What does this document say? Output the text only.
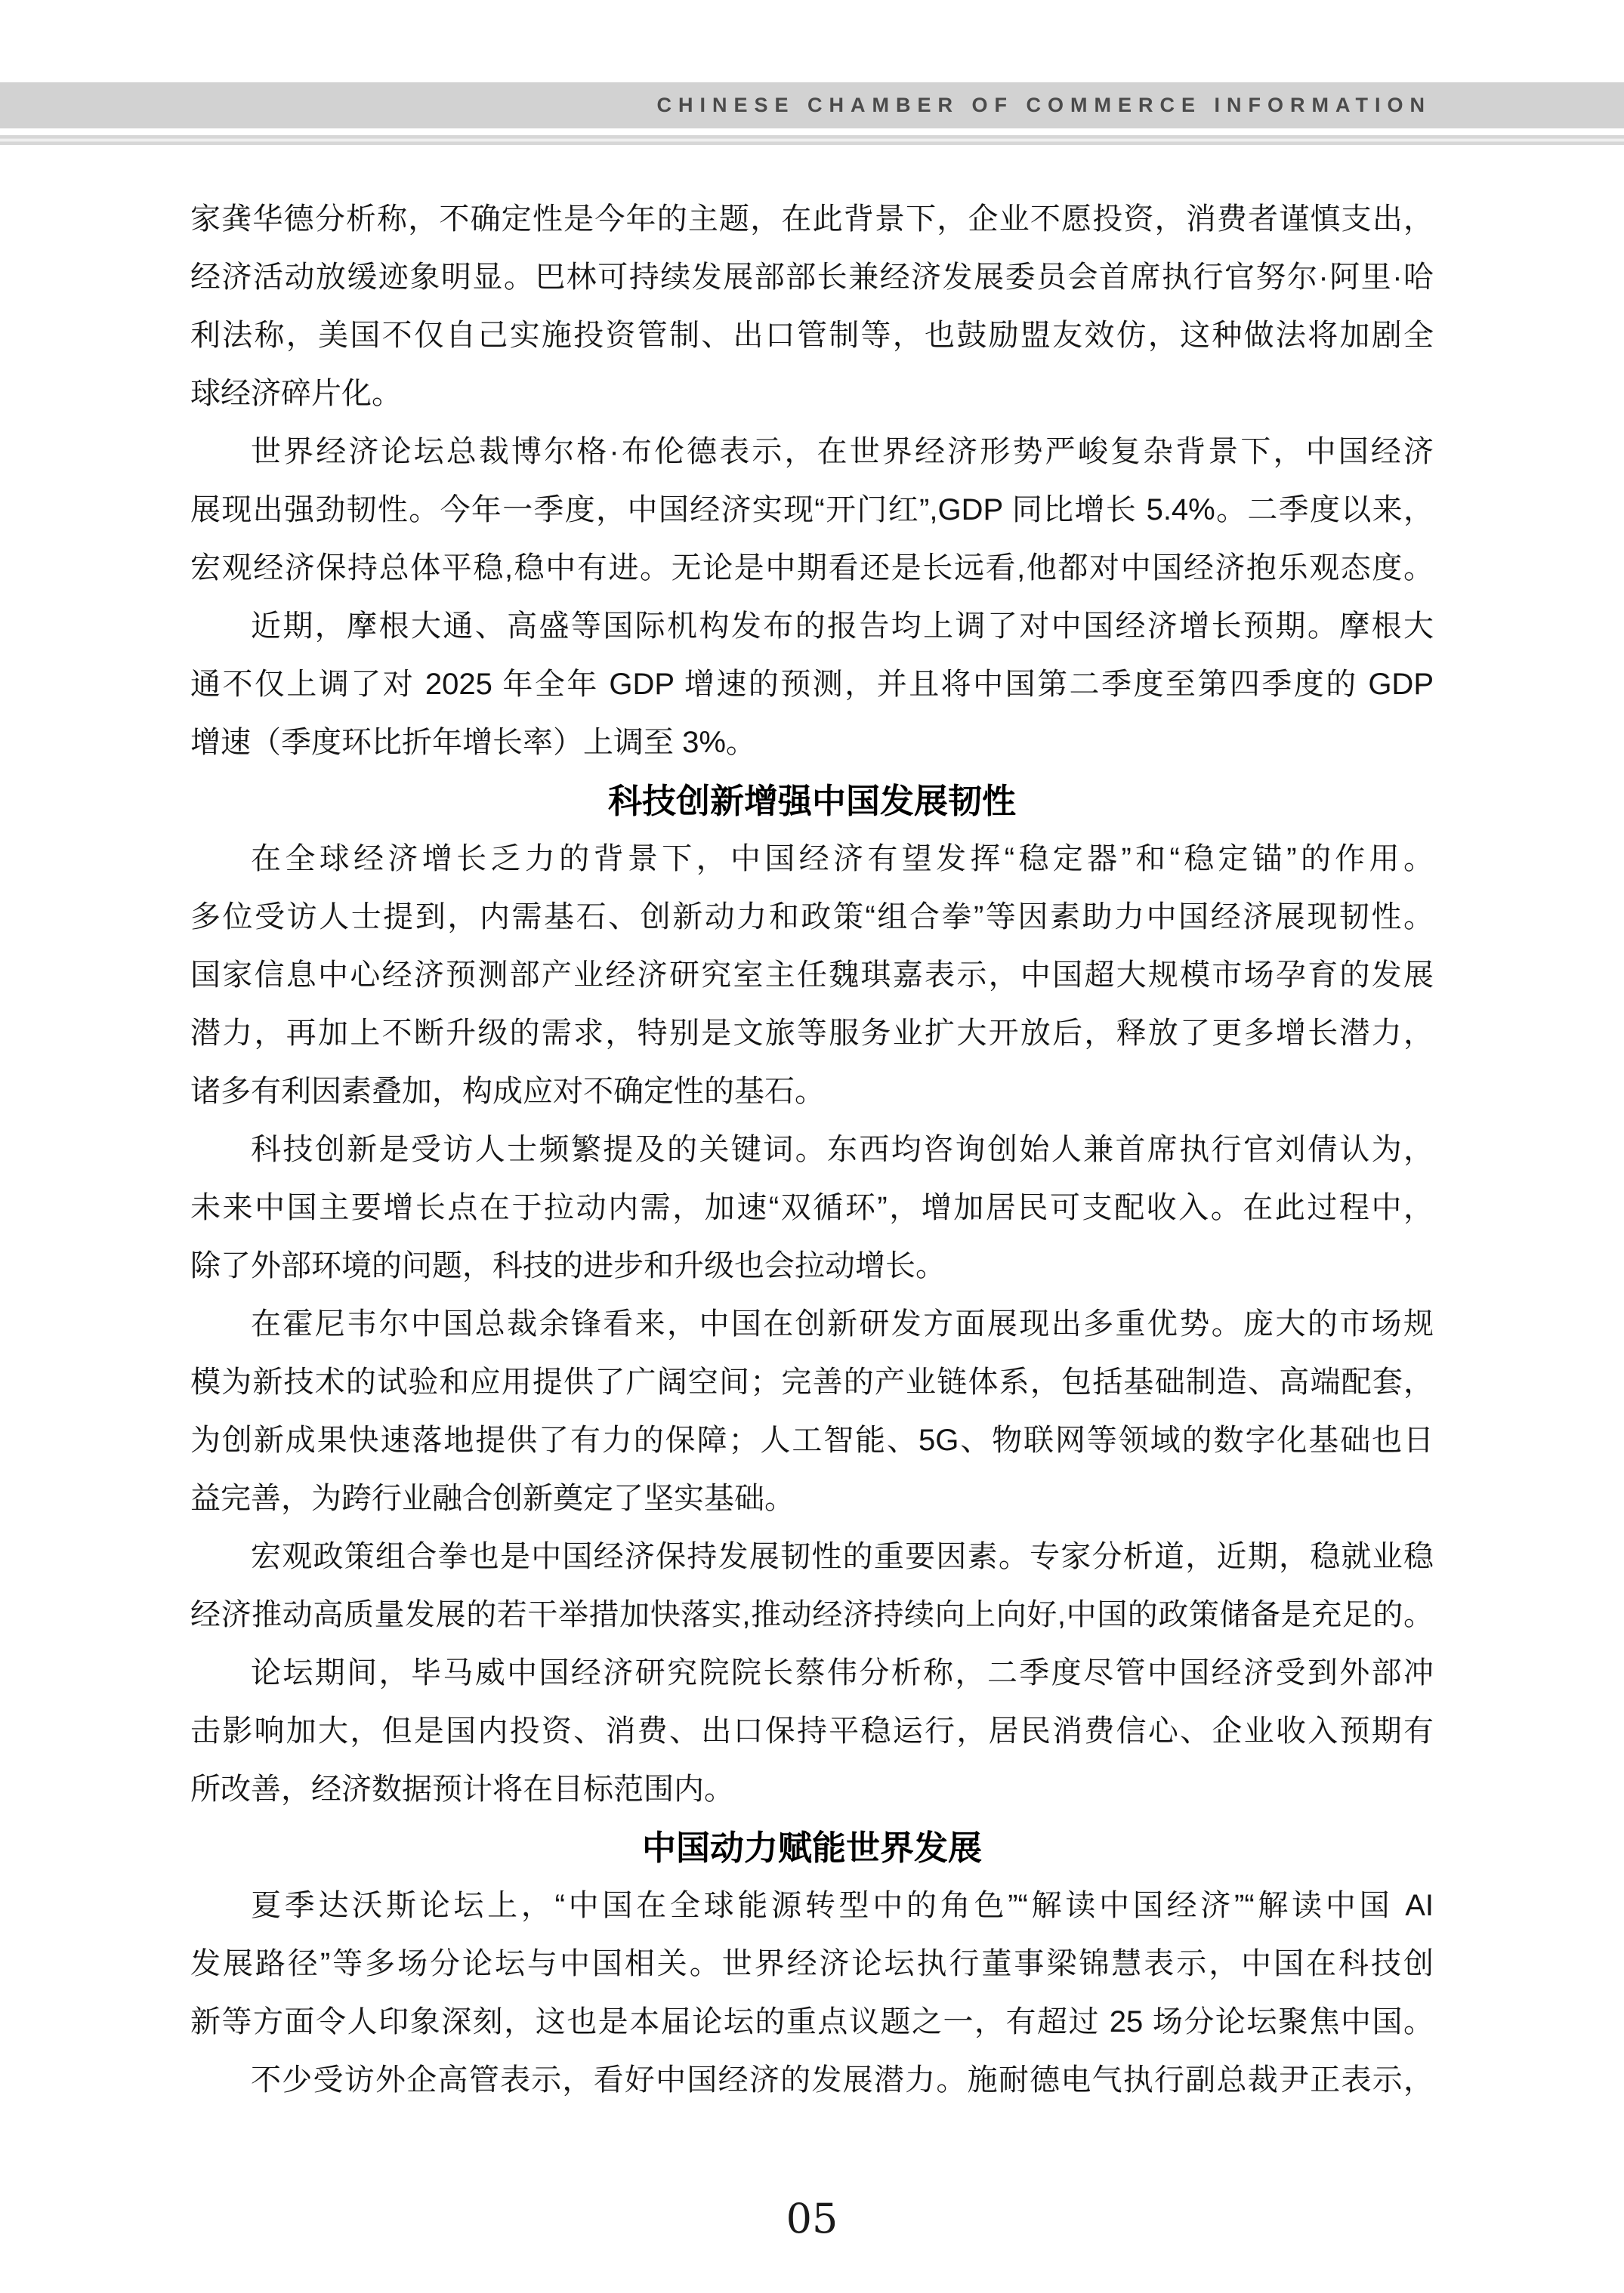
CHINESE CHAMBER OF COMMERCE INFORMATION
家龚华德分析称，不确定性是今年的主题，在此背景下，企业不愿投资，消费者谨慎支出，
经济活动放缓迹象明显。巴林可持续发展部部长兼经济发展委员会首席执行官努尔·阿里·哈
利法称，美国不仅自己实施投资管制、出口管制等，也鼓励盟友效仿，这种做法将加剧全
球经济碎片化。
世界经济论坛总裁博尔格·布伦德表示，在世界经济形势严峻复杂背景下，中国经济
展现出强劲韧性。今年一季度，中国经济实现“开门红”,GDP 同比增长 5.4%。二季度以来，
宏观经济保持总体平稳,稳中有进。无论是中期看还是长远看,他都对中国经济抱乐观态度。
近期，摩根大通、高盛等国际机构发布的报告均上调了对中国经济增长预期。摩根大
通不仅上调了对 2025 年全年 GDP 增速的预测，并且将中国第二季度至第四季度的 GDP
增速（季度环比折年增长率）上调至 3%。
科技创新增强中国发展韧性
在全球经济增长乏力的背景下，中国经济有望发挥“稳定器”和“稳定锚”的作用。
多位受访人士提到，内需基石、创新动力和政策“组合拳”等因素助力中国经济展现韧性。
国家信息中心经济预测部产业经济研究室主任魏琪嘉表示，中国超大规模市场孕育的发展
潜力，再加上不断升级的需求，特别是文旅等服务业扩大开放后，释放了更多增长潜力，
诸多有利因素叠加，构成应对不确定性的基石。
科技创新是受访人士频繁提及的关键词。东西均咨询创始人兼首席执行官刘倩认为，
未来中国主要增长点在于拉动内需，加速“双循环”，增加居民可支配收入。在此过程中，
除了外部环境的问题，科技的进步和升级也会拉动增长。
在霍尼韦尔中国总裁余锋看来，中国在创新研发方面展现出多重优势。庞大的市场规
模为新技术的试验和应用提供了广阔空间；完善的产业链体系，包括基础制造、高端配套，
为创新成果快速落地提供了有力的保障；人工智能、5G、物联网等领域的数字化基础也日
益完善，为跨行业融合创新奠定了坚实基础。
宏观政策组合拳也是中国经济保持发展韧性的重要因素。专家分析道，近期，稳就业稳
经济推动高质量发展的若干举措加快落实,推动经济持续向上向好,中国的政策储备是充足的。
论坛期间，毕马威中国经济研究院院长蔡伟分析称，二季度尽管中国经济受到外部冲
击影响加大，但是国内投资、消费、出口保持平稳运行，居民消费信心、企业收入预期有
所改善，经济数据预计将在目标范围内。
中国动力赋能世界发展
夏季达沃斯论坛上，“中国在全球能源转型中的角色”“解读中国经济”“解读中国 AI
发展路径”等多场分论坛与中国相关。世界经济论坛执行董事梁锦慧表示，中国在科技创
新等方面令人印象深刻，这也是本届论坛的重点议题之一，有超过 25 场分论坛聚焦中国。
不少受访外企高管表示，看好中国经济的发展潜力。施耐德电气执行副总裁尹正表示，
05
